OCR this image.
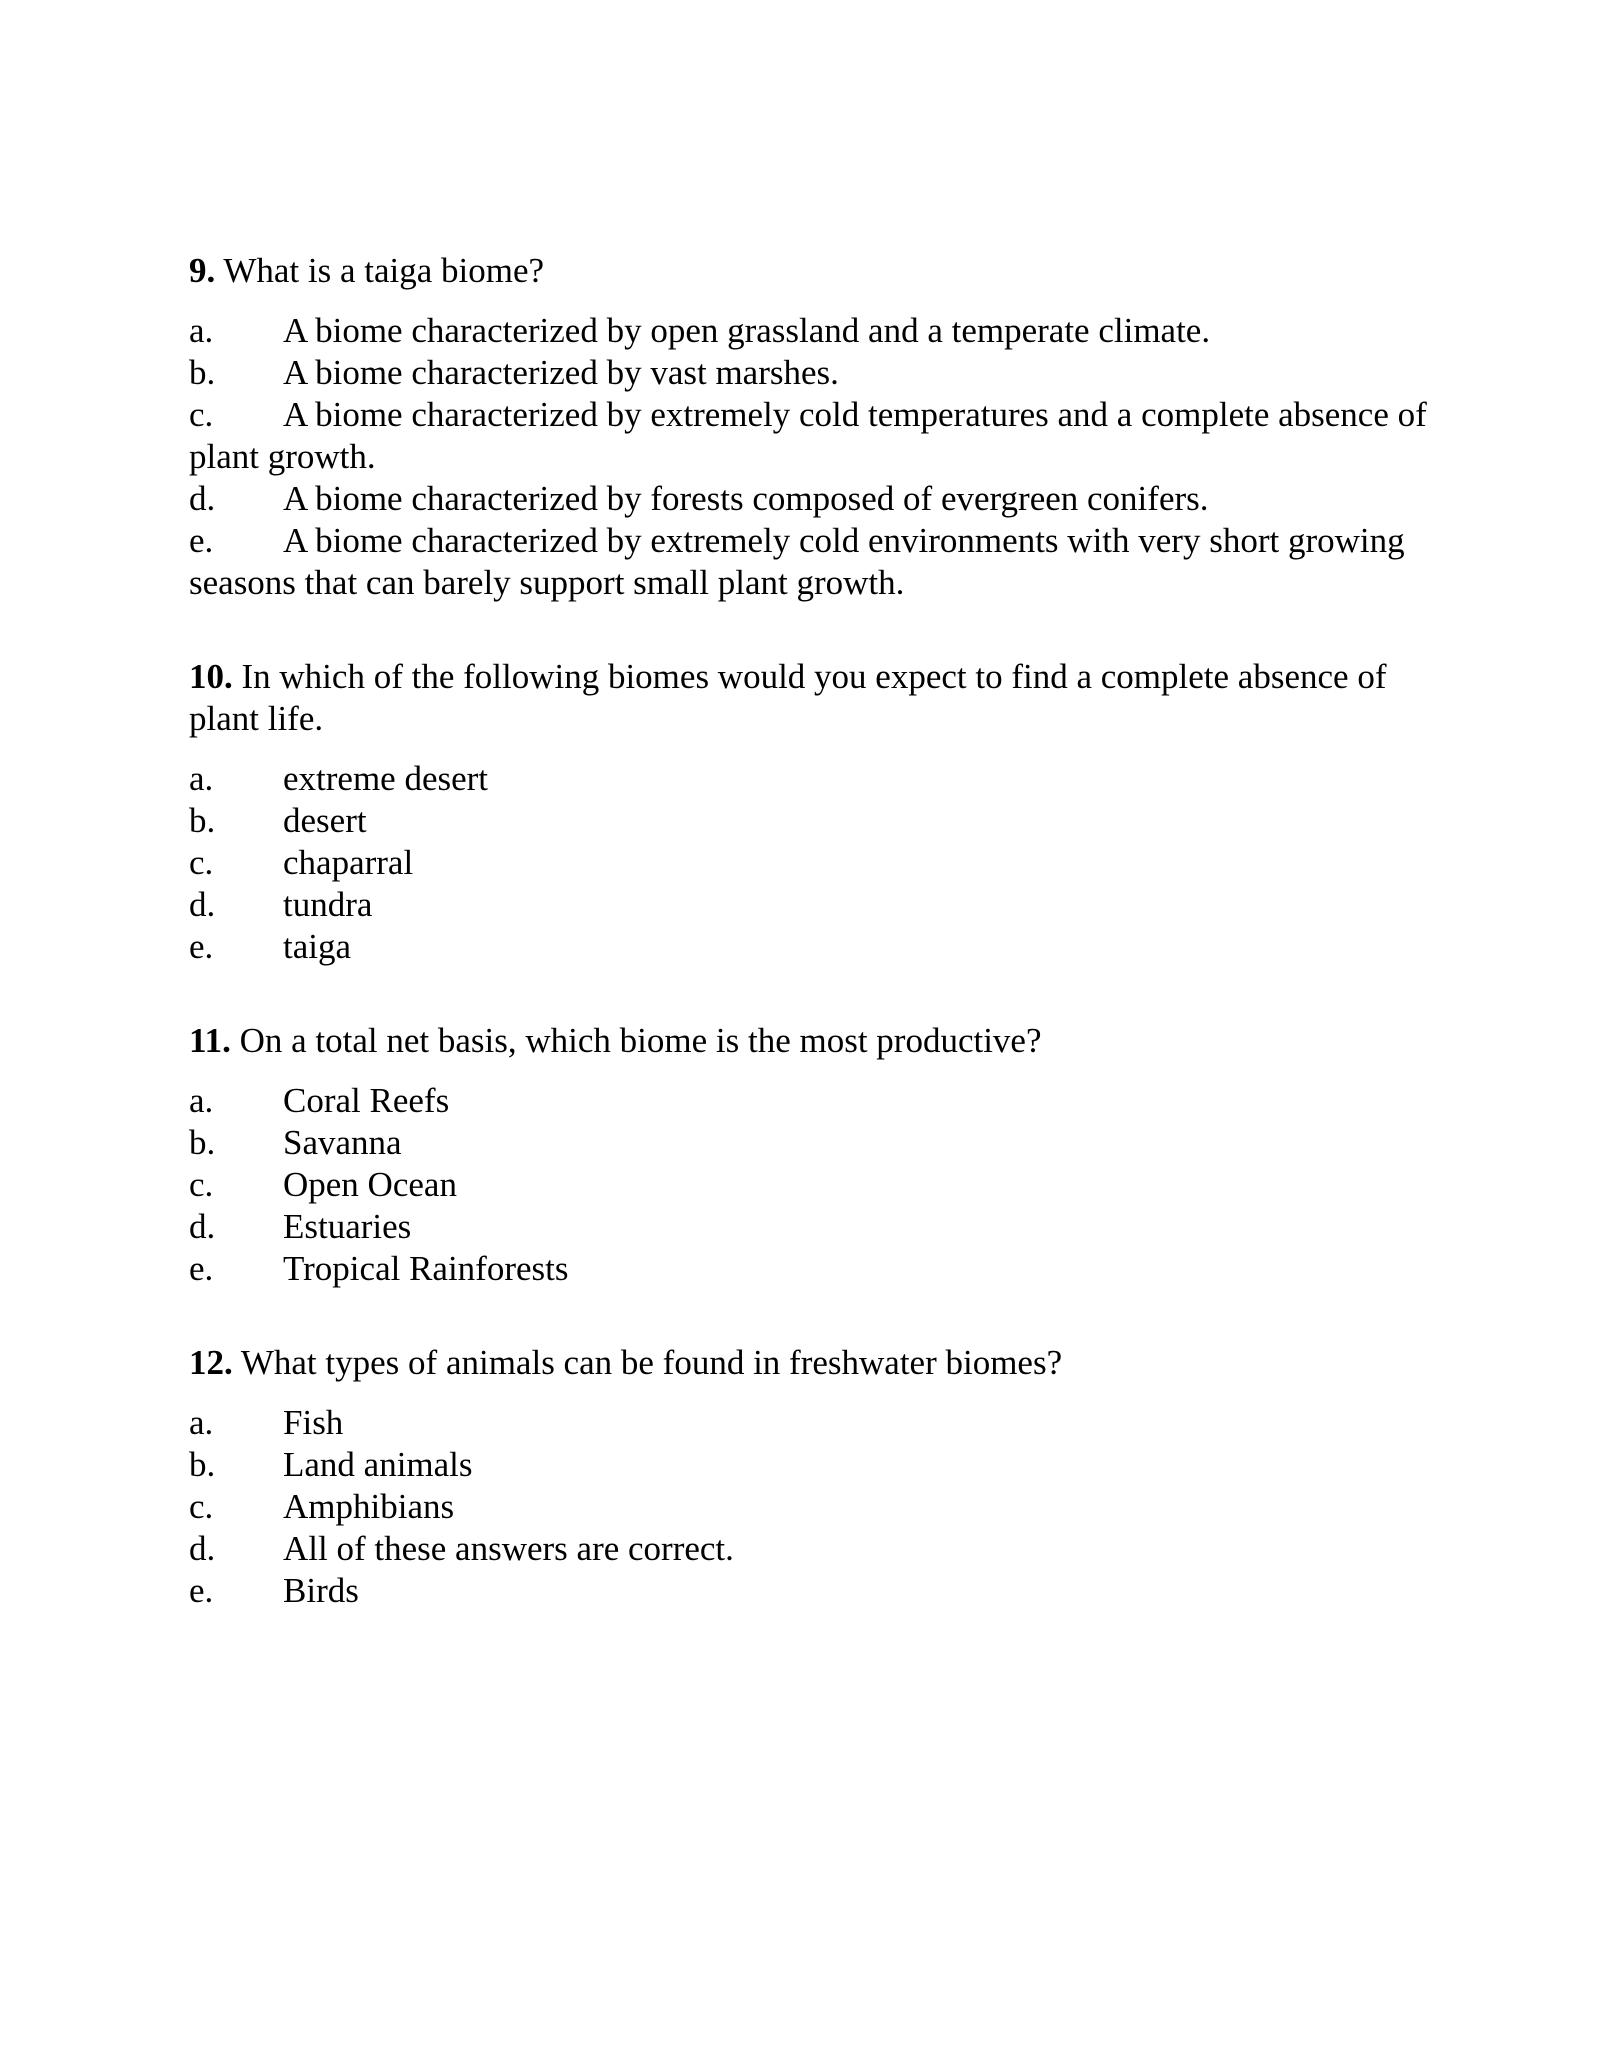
9. What is a taiga biome?

a. A biome characterized by open grassland and a temperate climate.
b. A biome characterized by vast marshes.
c. A biome characterized by extremely cold temperatures and a complete absence of plant growth.
d. A biome characterized by forests composed of evergreen conifers.
e. A biome characterized by extremely cold environments with very short growing seasons that can barely support small plant growth.

10. In which of the following biomes would you expect to find a complete absence of plant life.

a. extreme desert
b. desert
c. chaparral
d. tundra
e. taiga

11. On a total net basis, which biome is the most productive?

a. Coral Reefs
b. Savanna
c. Open Ocean
d. Estuaries
e. Tropical Rainforests

12. What types of animals can be found in freshwater biomes?

a. Fish
b. Land animals
c. Amphibians
d. All of these answers are correct.
e. Birds
